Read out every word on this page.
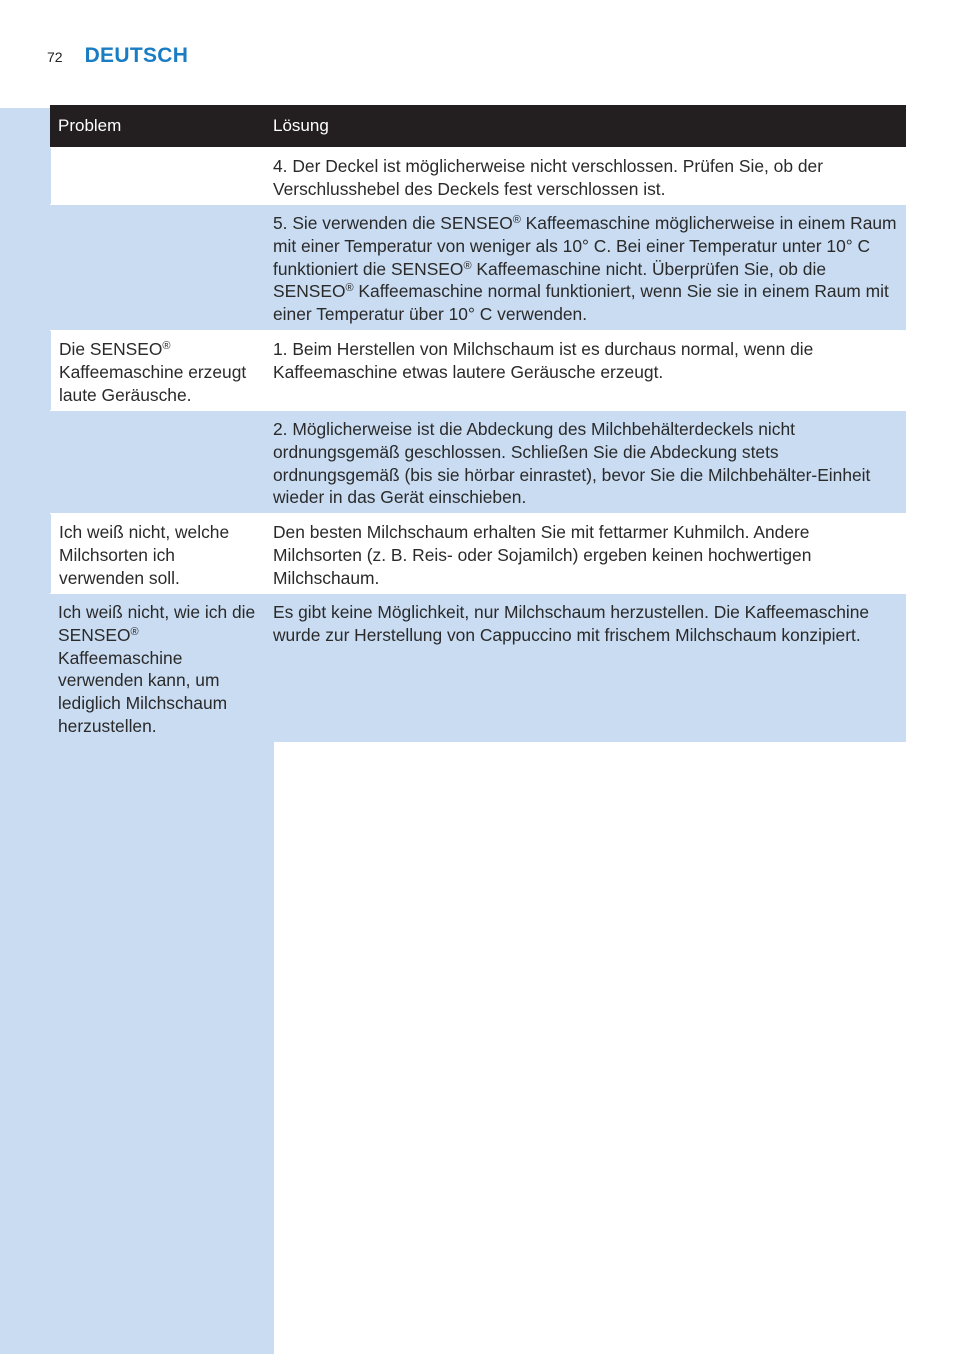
72 DEUTSCH
Problem	Lösung
4. Der Deckel ist möglicherweise nicht verschlossen. Prüfen Sie, ob der Verschlusshebel des Deckels fest verschlossen ist.
5. Sie verwenden die SENSEO® Kaffeemaschine möglicherweise in einem Raum mit einer Temperatur von weniger als 10° C. Bei einer Temperatur unter 10° C funktioniert die SENSEO® Kaffeemaschine nicht. Überprüfen Sie, ob die SENSEO® Kaffeemaschine normal funktioniert, wenn Sie sie in einem Raum mit einer Temperatur über 10° C verwenden.
Die SENSEO® Kaffeemaschine erzeugt laute Geräusche.
1. Beim Herstellen von Milchschaum ist es durchaus normal, wenn die Kaffeemaschine etwas lautere Geräusche erzeugt.
2. Möglicherweise ist die Abdeckung des Milchbehälterdeckels nicht ordnungsgemäß geschlossen. Schließen Sie die Abdeckung stets ordnungsgemäß (bis sie hörbar einrastet), bevor Sie die Milchbehälter-Einheit wieder in das Gerät einschieben.
Ich weiß nicht, welche Milchsorten ich verwenden soll.
Den besten Milchschaum erhalten Sie mit fettarmer Kuhmilch. Andere Milchsorten (z. B. Reis- oder Sojamilch) ergeben keinen hochwertigen Milchschaum.
Ich weiß nicht, wie ich die SENSEO® Kaffeemaschine verwenden kann, um lediglich Milchschaum herzustellen.
Es gibt keine Möglichkeit, nur Milchschaum herzustellen. Die Kaffeemaschine wurde zur Herstellung von Cappuccino mit frischem Milchschaum konzipiert.
